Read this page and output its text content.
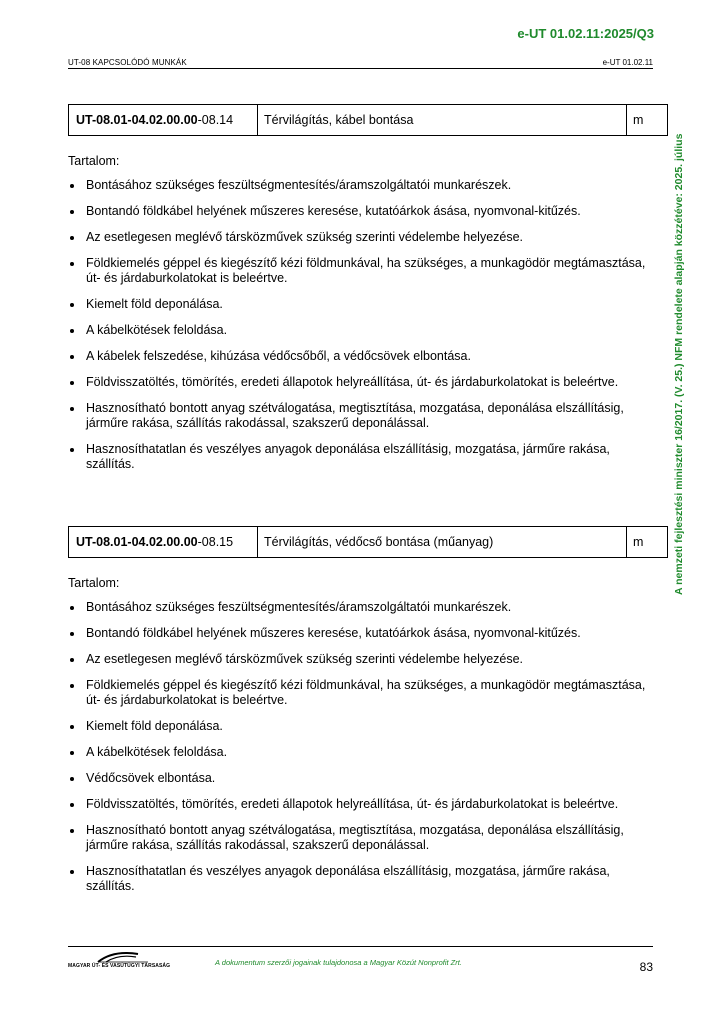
e-UT 01.02.11:2025/Q3
UT-08 KAPCSOLÓDÓ MUNKÁK	e-UT 01.02.11
A nemzeti fejlesztési miniszter 16/2017. (V. 25.) NFM rendelete alapján közzétéve: 2025. július
UT-08.01-04.02.00.00 -08.14	Térvilágítás, kábel bontása	m

Tartalom:

Bontásához szükséges feszültségmentesítés/áramszolgáltatói munkarészek.
Bontandó földkábel helyének műszeres keresése, kutatóárkok ásása, nyomvonal-kitűzés.
Az esetlegesen meglévő társközművek szükség szerinti védelembe helyezése.
Földkiemelés géppel és kiegészítő kézi földmunkával, ha szükséges, a munkagödör megtámasztása, út- és járdaburkolatokat is beleértve.
Kiemelt föld deponálása.
A kábelkötések feloldása.
A kábelek felszedése, kihúzása védőcsőből, a védőcsövek elbontása.
Földvisszatöltés, tömörítés, eredeti állapotok helyreállítása, út- és járdaburkolatokat is beleértve.
Hasznosítható bontott anyag szétválogatása, megtisztítása, mozgatása, deponálása elszállításig, járműre rakása, szállítás rakodással, szakszerű deponálással.
Hasznosíthatatlan és veszélyes anyagok deponálása elszállításig, mozgatása, járműre rakása, szállítás.
UT-08.01-04.02.00.00 -08.15	Térvilágítás, védőcső bontása (műanyag)	m

Tartalom:

Bontásához szükséges feszültségmentesítés/áramszolgáltatói munkarészek.
Bontandó földkábel helyének műszeres keresése, kutatóárkok ásása, nyomvonal-kitűzés.
Az esetlegesen meglévő társközművek szükség szerinti védelembe helyezése.
Földkiemelés géppel és kiegészítő kézi földmunkával, ha szükséges, a munkagödör megtámasztása, út- és járdaburkolatokat is beleértve.
Kiemelt föld deponálása.
A kábelkötések feloldása.
Védőcsövek elbontása.
Földvisszatöltés, tömörítés, eredeti állapotok helyreállítása, út- és járdaburkolatokat is beleértve.
Hasznosítható bontott anyag szétválogatása, megtisztítása, mozgatása, deponálása elszállításig, járműre rakása, szállítás rakodással, szakszerű deponálással.
Hasznosíthatatlan és veszélyes anyagok deponálása elszállításig, mozgatása, járműre rakása, szállítás.
MAGYAR ÚT- ÉS VASÚTÜGYI TÁRSASÁG	A dokumentum szerzői jogainak tulajdonosa a Magyar Közút Nonprofit Zrt.	83
